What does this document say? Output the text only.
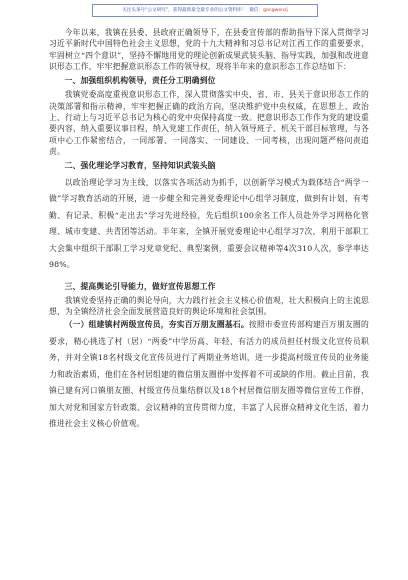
关注头条号“公文研究”，获得最新最全最专业的公文资料库！ 微信：gongwenzj

今年以来，我镇在县委、县政府正确领导下，在县委宣传部的帮助指导下深入贯彻学习习近平新时代中国特色社会主义思想，党的十九大精神和习总书记对江西工作的重要要求，牢固树立“四个意识”，坚持不懈地用党的理论创新成果武装头脑、指导实践，加强和改进意识形态工作，牢牢把握意识形态工作的领导权，现将半年来的意识形态工作总结如下：

一、加强组织机构领导，责任分工明确到位

我镇党委高度重视意识形态工作，深入贯彻落实中央、省、市、县关于意识形态工作的决策部署和指示精神，牢牢把握正确的政治方向，坚决维护党中央权威，在思想上、政治上、行动上与习近平总书记为核心的党中央保持高度一致。把意识形态工作作为党的建设重要内容，纳入重要议事日程，纳入党建工作责任，纳入领导班子、机关干部目标管理，与各项中心工作紧密结合，一同部署、一同落实、一同建设、一同考核，出现问题严格问责追责。

二、强化理论学习教育，坚持知识武装头脑

以政治理论学习为主线，以落实各项活动为抓手，以创新学习模式为载体结合“两学一做”学习教育活动的开展，进一步健全和完善党委理论中心组学习制度，做到有计划、有考勤、有记录、积极“走出去”学习先进经验，先后组织100余名工作人员赴外学习网格化管理、城市变建、共青团等活动。半年来，全镇开展党委理论中心组学习7次，利用干部职工大会集中组织干部职工学习党章党纪、典型案例，重要会议精神等4次310人次，参学率达98%。

三、提高舆论引导能力，做好宣传思想工作

我镇党委坚持正确的舆论导向，大力践行社会主义核心价值观，壮大积极向上的主流思想，为全镇经济社会全面发展营造良好的舆论环境和社会氛围。

（一）组建镇村两级宣传员，夯实百万朋友圈基石。按照市委宣传部构建百万朋友圈的要求，精心挑选了村（居）“两委”中学历高、年轻、有活力的成员担任村级文化宣传员职务，并对全镇18名村级文化宣传员进行了两期业务培训，进一步提高村级宣传员的业务能力和政治素质，他们在各村居组建的微信朋友圈群中发挥着不可或缺的作用。截止目前，我镇已建有河口镇朋友圈、村级宣传员集结群以及18个村居微信朋友圈等微信宣传工作群，加大对党和国家方针政策、会议精神的宣传贯彻力度，丰富了人民群众精神文化生活，着力推进社会主义核心价值观。
